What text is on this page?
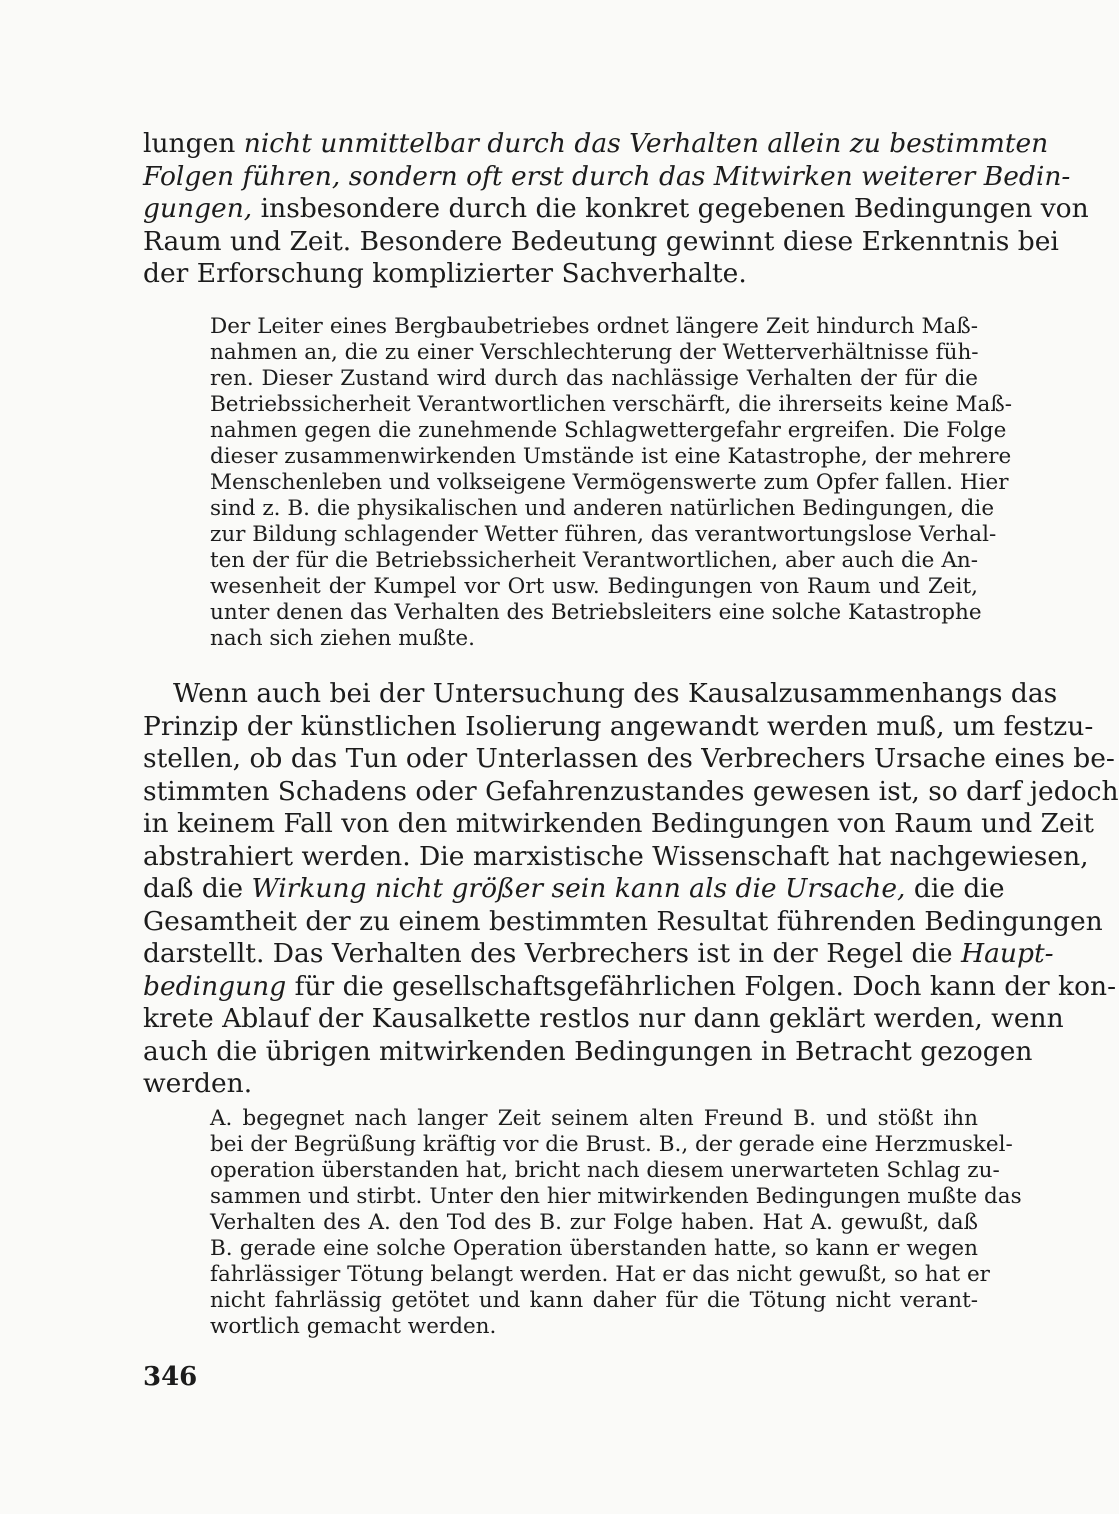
lungen nicht unmittelbar durch das Verhalten allein zu bestimmten

Folgen führen, sondern oft erst durch das Mitwirken weiterer Bedin-

gungen, insbesondere durch die konkret gegebenen Bedingungen von

Raum und Zeit. Besondere Bedeutung gewinnt diese Erkenntnis bei

der Erforschung komplizierter Sachverhalte.

Der Leiter eines Bergbaubetriebes ordnet längere Zeit hindurch Maß-

nahmen an, die zu einer Verschlechterung der Wetterverhältnisse füh-

ren. Dieser Zustand wird durch das nachlässige Verhalten der für die

Betriebssicherheit Verantwortlichen verschärft, die ihrerseits keine Maß-

nahmen gegen die zunehmende Schlagwettergefahr ergreifen. Die Folge

dieser zusammenwirkenden Umstände ist eine Katastrophe, der mehrere

Menschenleben und volkseigene Vermögenswerte zum Opfer fallen. Hier

sind z. B. die physikalischen und anderen natürlichen Bedingungen, die

zur Bildung schlagender Wetter führen, das verantwortungslose Verhal-

ten der für die Betriebssicherheit Verantwortlichen, aber auch die An-

wesenheit der Kumpel vor Ort usw. Bedingungen von Raum und Zeit,

unter denen das Verhalten des Betriebsleiters eine solche Katastrophe

nach sich ziehen mußte.

Wenn auch bei der Untersuchung des Kausalzusammenhangs das

Prinzip der künstlichen Isolierung angewandt werden muß, um festzu-

stellen, ob das Tun oder Unterlassen des Verbrechers Ursache eines be-

stimmten Schadens oder Gefahrenzustandes gewesen ist, so darf jedoch

in keinem Fall von den mitwirkenden Bedingungen von Raum und Zeit

abstrahiert werden. Die marxistische Wissenschaft hat nachgewiesen,

daß die Wirkung nicht größer sein kann als die Ursache, die die

Gesamtheit der zu einem bestimmten Resultat führenden Bedingungen

darstellt. Das Verhalten des Verbrechers ist in der Regel die Haupt-

bedingung für die gesellschaftsgefährlichen Folgen. Doch kann der kon-

krete Ablauf der Kausalkette restlos nur dann geklärt werden, wenn

auch die übrigen mitwirkenden Bedingungen in Betracht gezogen

werden.

A. begegnet nach langer Zeit seinem alten Freund B. und stößt ihn

bei der Begrüßung kräftig vor die Brust. B., der gerade eine Herzmuskel-

operation überstanden hat, bricht nach diesem unerwarteten Schlag zu-

sammen und stirbt. Unter den hier mitwirkenden Bedingungen mußte das

Verhalten des A. den Tod des B. zur Folge haben. Hat A. gewußt, daß

B. gerade eine solche Operation überstanden hatte, so kann er wegen

fahrlässiger Tötung belangt werden. Hat er das nicht gewußt, so hat er

nicht fahrlässig getötet und kann daher für die Tötung nicht verant-

wortlich gemacht werden.

346
